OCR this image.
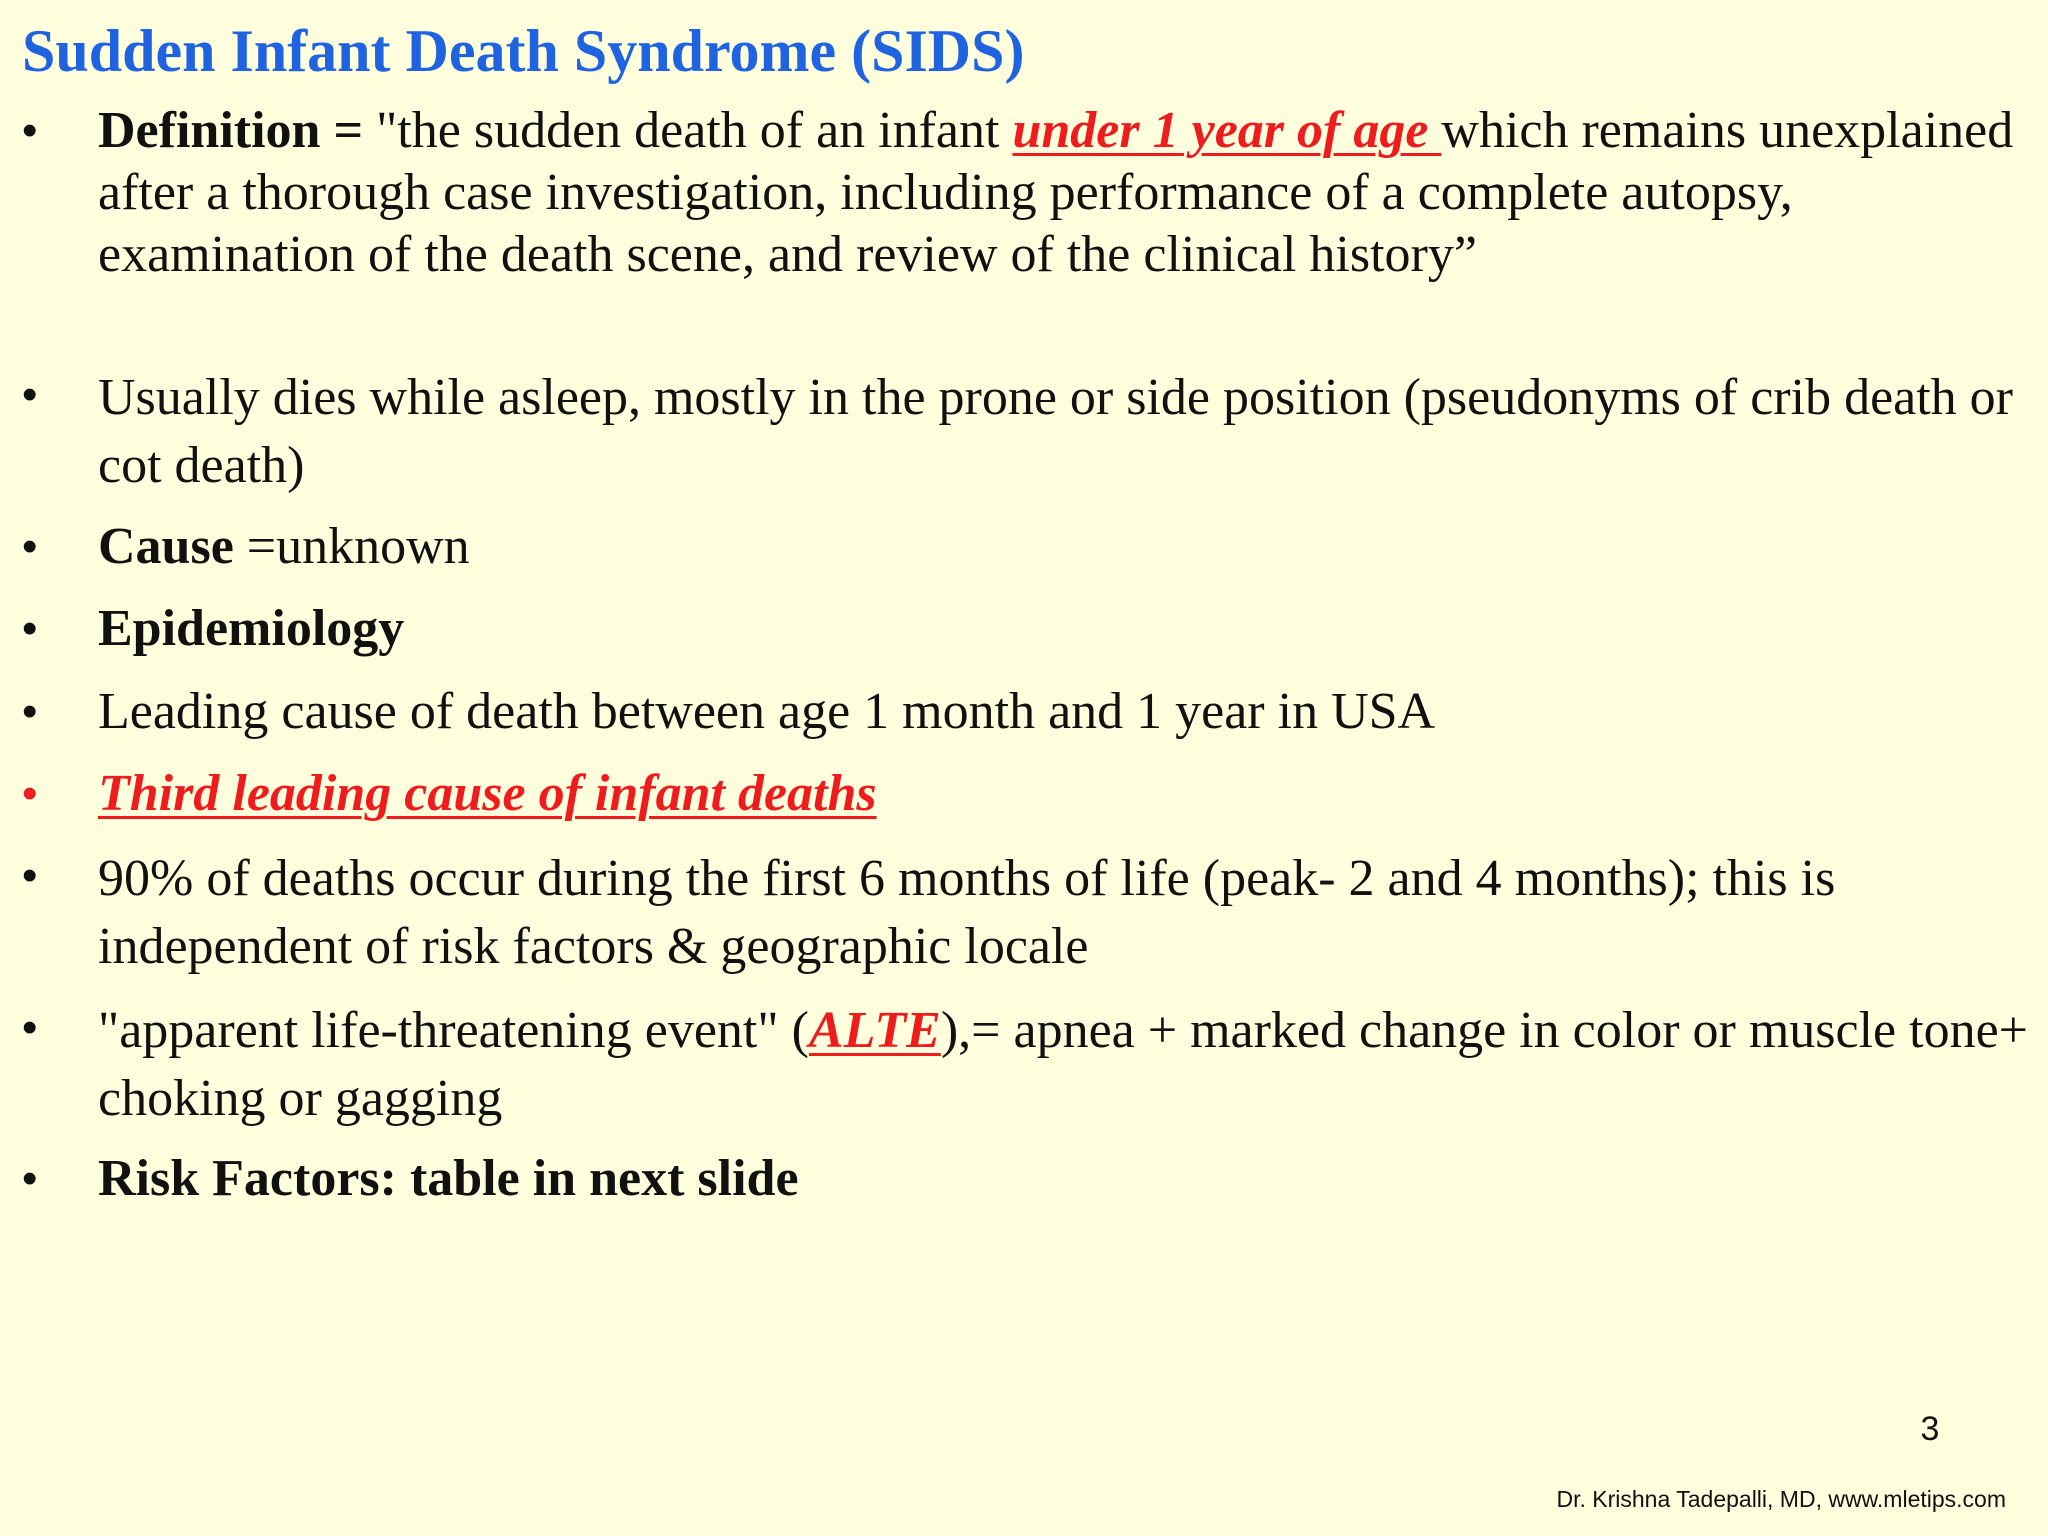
Sudden Infant Death Syndrome (SIDS)
• Definition = "the sudden death of an infant under 1 year of age which remains unexplained after a thorough case investigation, including performance of a complete autopsy, examination of the death scene, and review of the clinical history”
• Usually dies while asleep, mostly in the prone or side position (pseudonyms of crib death or cot death)
• Cause =unknown
• Epidemiology
• Leading cause of death between age 1 month and 1 year in USA
• Third leading cause of infant deaths
• 90% of deaths occur during the first 6 months of life (peak- 2 and 4 months); this is independent of risk factors & geographic locale
• "apparent life-threatening event" (ALTE),= apnea + marked change in color or muscle tone+ choking or gagging
• Risk Factors: table in next slide
3
Dr. Krishna Tadepalli, MD, www.mletips.com
